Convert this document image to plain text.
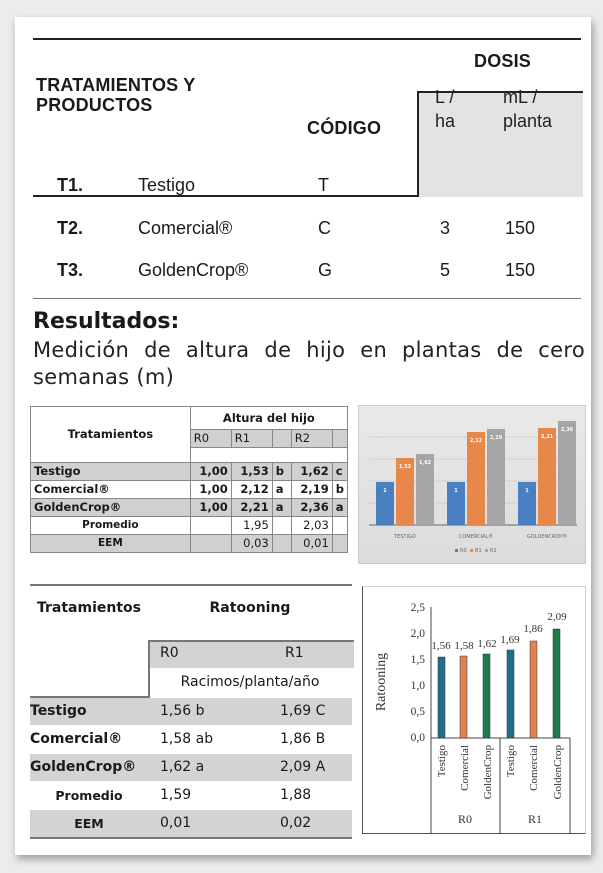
TRATAMIENTOS Y
PRODUCTOS
CÓDIGO
DOSIS
L /
ha
mL /
planta
T1.	Testigo	T
T2.	Comercial®	C	3	150
T3.	GoldenCrop®	G	5	150
Resultados:
Medición de altura de hijo en plantas de cero semanas (m)
Tratamientos	Altura del hijo				
	R0	R1		R2	

Testigo	1,00	1,53	b	1,62	c
Comercial®	1,00	2,12	a	2,19	b
GoldenCrop®	1,00	2,21	a	2,36	a
Promedio		1,95		2,03	
EEM		0,03		0,01	
1
1,53
1,62
1
2,12 2,19
1
2,21
2,36
TESTIGO	COMERCIAL®	GOLDENCROP®
R0 R1 R2
Tratamientos	Ratooning
R0	R1
Racimos/planta/año
Testigo	1,56 b	1,69 C
Comercial®	1,58 ab	1,86 B
GoldenCrop® 1,62 a	2,09 A
Promedio	1,59	1,88
EEM	0,01	0,02
Ratooning
2,5
2,0
1,5
1,0
0,5
0,0
1,56 1,58 1,62 1,69
1,86
2,09
Testigo Comercial GoldenCrop Testigo Comercial GoldenCrop
R0	R1
